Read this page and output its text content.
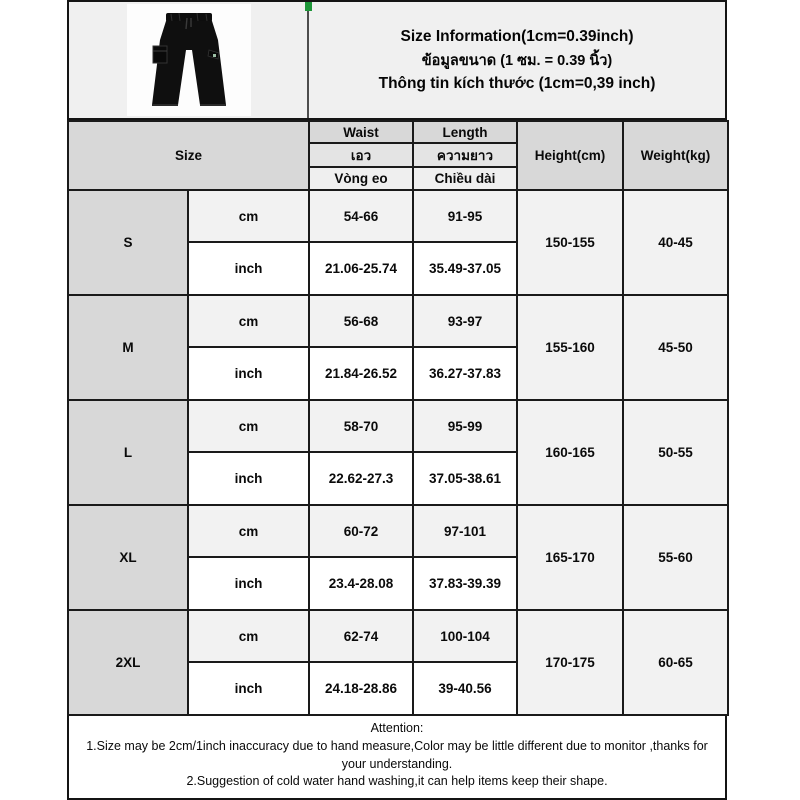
Size Information(1cm=0.39inch)
ข้อมูลขนาด (1 ซม. = 0.39 นิ้ว)
Thông tin kích thước (1cm=0,39 inch)
Size		Waist	Length	Height(cm)	Weight(kg)
		เอว	ความยาว		
		Vòng eo	Chiều dài		
S	cm	54-66	91-95	150-155	40-45
	inch	21.06-25.74	35.49-37.05		
M	cm	56-68	93-97	155-160	45-50
	inch	21.84-26.52	36.27-37.83		
L	cm	58-70	95-99	160-165	50-55
	inch	22.62-27.3	37.05-38.61		
XL	cm	60-72	97-101	165-170	55-60
	inch	23.4-28.08	37.83-39.39		
2XL	cm	62-74	100-104	170-175	60-65
	inch	24.18-28.86	39-40.56		
Attention:
1.Size may be 2cm/1inch inaccuracy due to hand measure,Color may be little different due to monitor ,thanks for your understanding.
2.Suggestion of cold water hand washing,it can help items keep their shape.
